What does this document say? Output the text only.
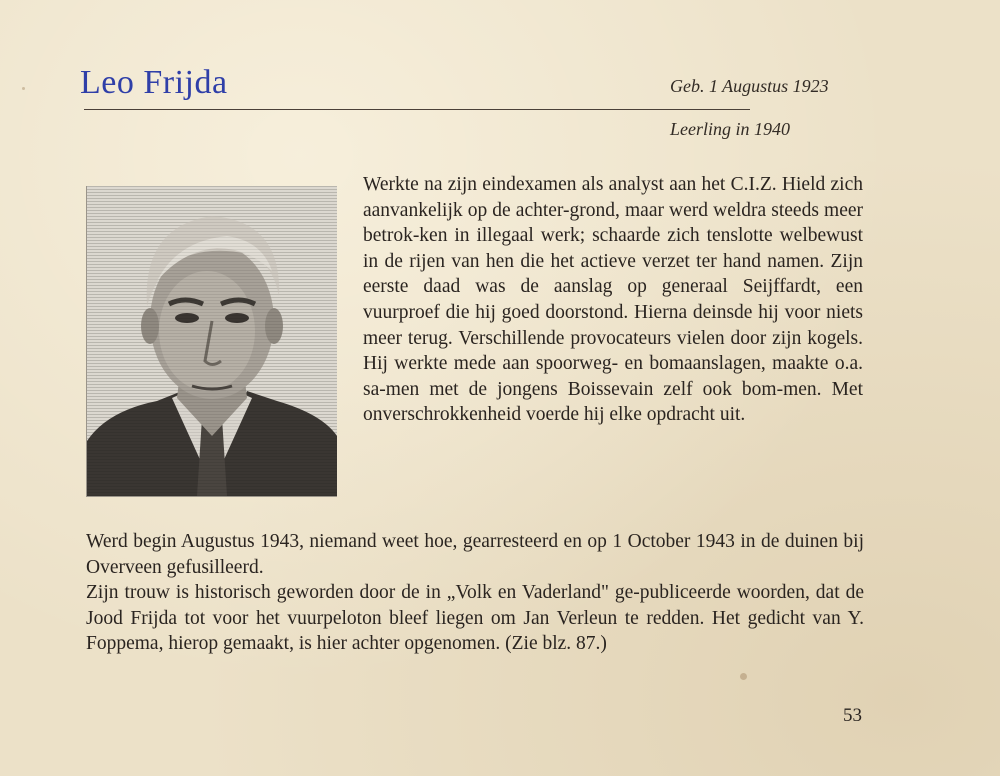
Leo Frijda	Geb. 1 Augustus 1923
Leerling in 1940

Werkte na zijn eindexamen als analyst aan het C.I.Z. Hield zich aanvankelijk op de achter-grond, maar werd weldra steeds meer betrok-ken in illegaal werk; schaarde zich tenslotte welbewust in de rijen van hen die het actieve verzet ter hand namen. Zijn eerste daad was de aanslag op generaal Seijffardt, een vuurproef die hij goed doorstond. Hierna deinsde hij voor niets meer terug. Verschillende provocateurs vielen door zijn kogels. Hij werkte mede aan spoorweg- en bomaanslagen, maakte o.a. sa-men met de jongens Boissevain zelf ook bom-men. Met onverschrokkenheid voerde hij elke opdracht uit.

Werd begin Augustus 1943, niemand weet hoe, gearresteerd en op 1 October 1943 in de duinen bij Overveen gefusilleerd.

Zijn trouw is historisch geworden door de in „Volk en Vaderland" ge-publiceerde woorden, dat de Jood Frijda tot voor het vuurpeloton bleef liegen om Jan Verleun te redden. Het gedicht van Y. Foppema, hierop gemaakt, is hier achter opgenomen. (Zie blz. 87.)

53
